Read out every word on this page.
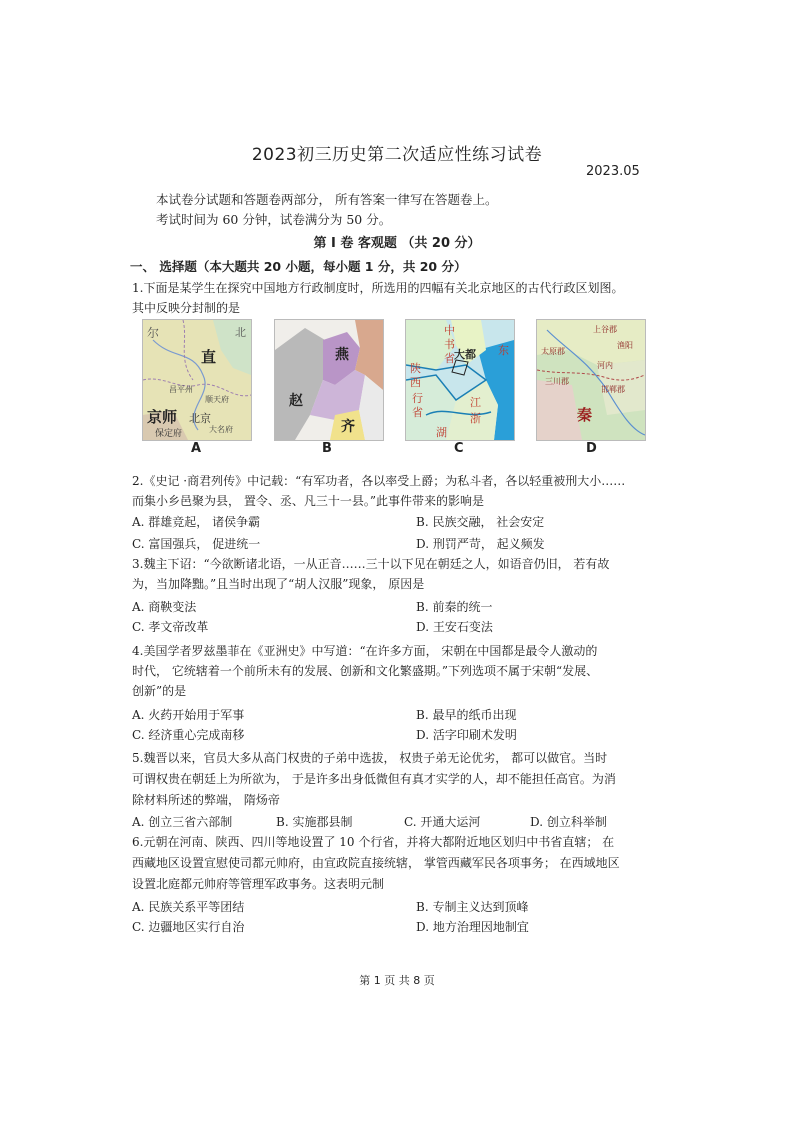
2023初三历史第二次适应性练习试卷
2023.05
本试卷分试题和答题卷两部分， 所有答案一律写在答题卷上。
考试时间为 60 分钟，试卷满分为 50 分。
第 Ⅰ 卷 客观题 （共 20 分）
一、 选择题（本大题共 20 小题，每小题 1 分，共 20 分）
1.下面是某学生在探究中国地方行政制度时，所选用的四幅有关北京地区的古代行政区划图。
其中反映分封制的是
尔
直
京师 北京
保定府
昌平州
顺天府
大名府
北
A
燕
赵
齐
B
中
书
省 大都
陕
西
行
省
江
浙
湖
东
C
上谷郡
太原郡
渔阳
三川郡
河内
秦
邯郸郡
D
2.《史记 ·商君列传》中记载：“有军功者，各以率受上爵；为私斗者，各以轻重被刑大小……
而集小乡邑聚为县， 置令、丞、凡三十一县。”此事件带来的影响是
A. 群雄竞起， 诸侯争霸	B. 民族交融， 社会安定
C. 富国强兵， 促进统一	D. 刑罚严苛， 起义频发
3.魏主下诏：“今欲断诸北语，一从正音……三十以下见在朝廷之人，如语音仍旧， 若有故
为，当加降黜。”且当时出现了“胡人汉服”现象， 原因是
A. 商鞅变法	B. 前秦的统一
C. 孝文帝改革	D. 王安石变法
4.美国学者罗兹墨菲在《亚洲史》中写道：“在许多方面， 宋朝在中国都是最令人激动的
时代， 它统辖着一个前所未有的发展、创新和文化繁盛期。”下列选项不属于宋朝“发展、
创新”的是
A. 火药开始用于军事	B. 最早的纸币出现
C. 经济重心完成南移	D. 活字印刷术发明
5.魏晋以来，官员大多从高门权贵的子弟中选拔， 权贵子弟无论优劣， 都可以做官。当时
可谓权贵在朝廷上为所欲为， 于是许多出身低微但有真才实学的人，却不能担任高官。为消
除材料所述的弊端， 隋炀帝
A. 创立三省六部制	B. 实施郡县制	C. 开通大运河	D. 创立科举制
6.元朝在河南、陕西、四川等地设置了 10 个行省，并将大都附近地区划归中书省直辖； 在
西藏地区设置宣慰使司都元帅府，由宣政院直接统辖， 掌管西藏军民各项事务； 在西域地区
设置北庭都元帅府等管理军政事务。这表明元制
A. 民族关系平等团结	B. 专制主义达到顶峰
C. 边疆地区实行自治	D. 地方治理因地制宜
第 1 页 共 8 页
